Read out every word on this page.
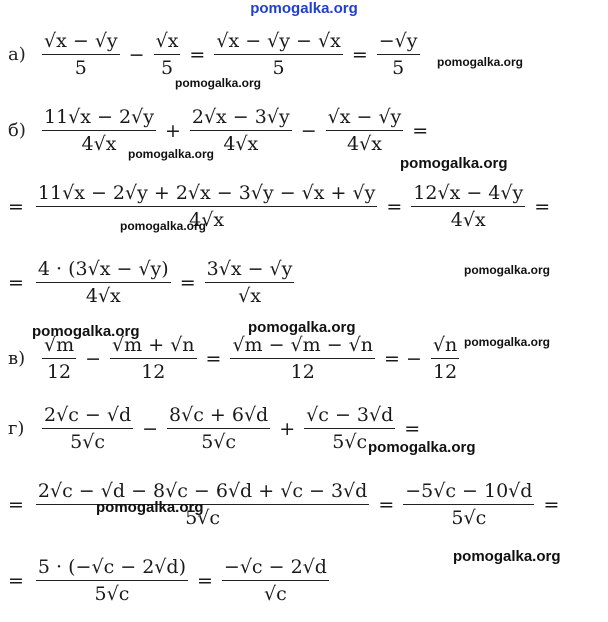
pomogalka.org
$а) \frac{√x - √y}{5} - \frac{√x}{5} = \frac{√x - √y - √x}{5} = \frac{-√y}{5}$
$б) \frac{11√x - 2√y}{4√x} + \frac{2√x - 3√y}{4√x} - \frac{√x - √y}{4√x}$ =
= $\frac{11√x - 2√y + 2√x - 3√y - √x + √y}{4√x} = \frac{12√x - 4√y}{4√x}$ =
= $\frac{4 \cdot (3√x - √y)}{4√x} = \frac{3√x - √y}{√x}$
$в) \frac{√m}{12} - \frac{√m + √n}{12} = \frac{√m - √m - √n}{12}$ = − $\frac{√n}{12}$
$г) \frac{2√c - √d}{5√c} - \frac{8√c + 6√d}{5√c} + \frac{√c - 3√d}{5√c}$ =
= $\frac{2√c - √d - 8√c - 6√d + √c - 3√d}{5√c} = \frac{-5√c - 10√d}{5√c}$ =
= $\frac{5 \cdot (-√c - 2√d)}{5√c} = \frac{-√c - 2√d}{√c}$
pomogalka.org
pomogalka.org
pomogalka.org
pomogalka.org
pomogalka.org
pomogalka.org
pomogalka.org	pomogalka.org
pomogalka.org
pomogalka.org
pomogalka.org
pomogalka.org
